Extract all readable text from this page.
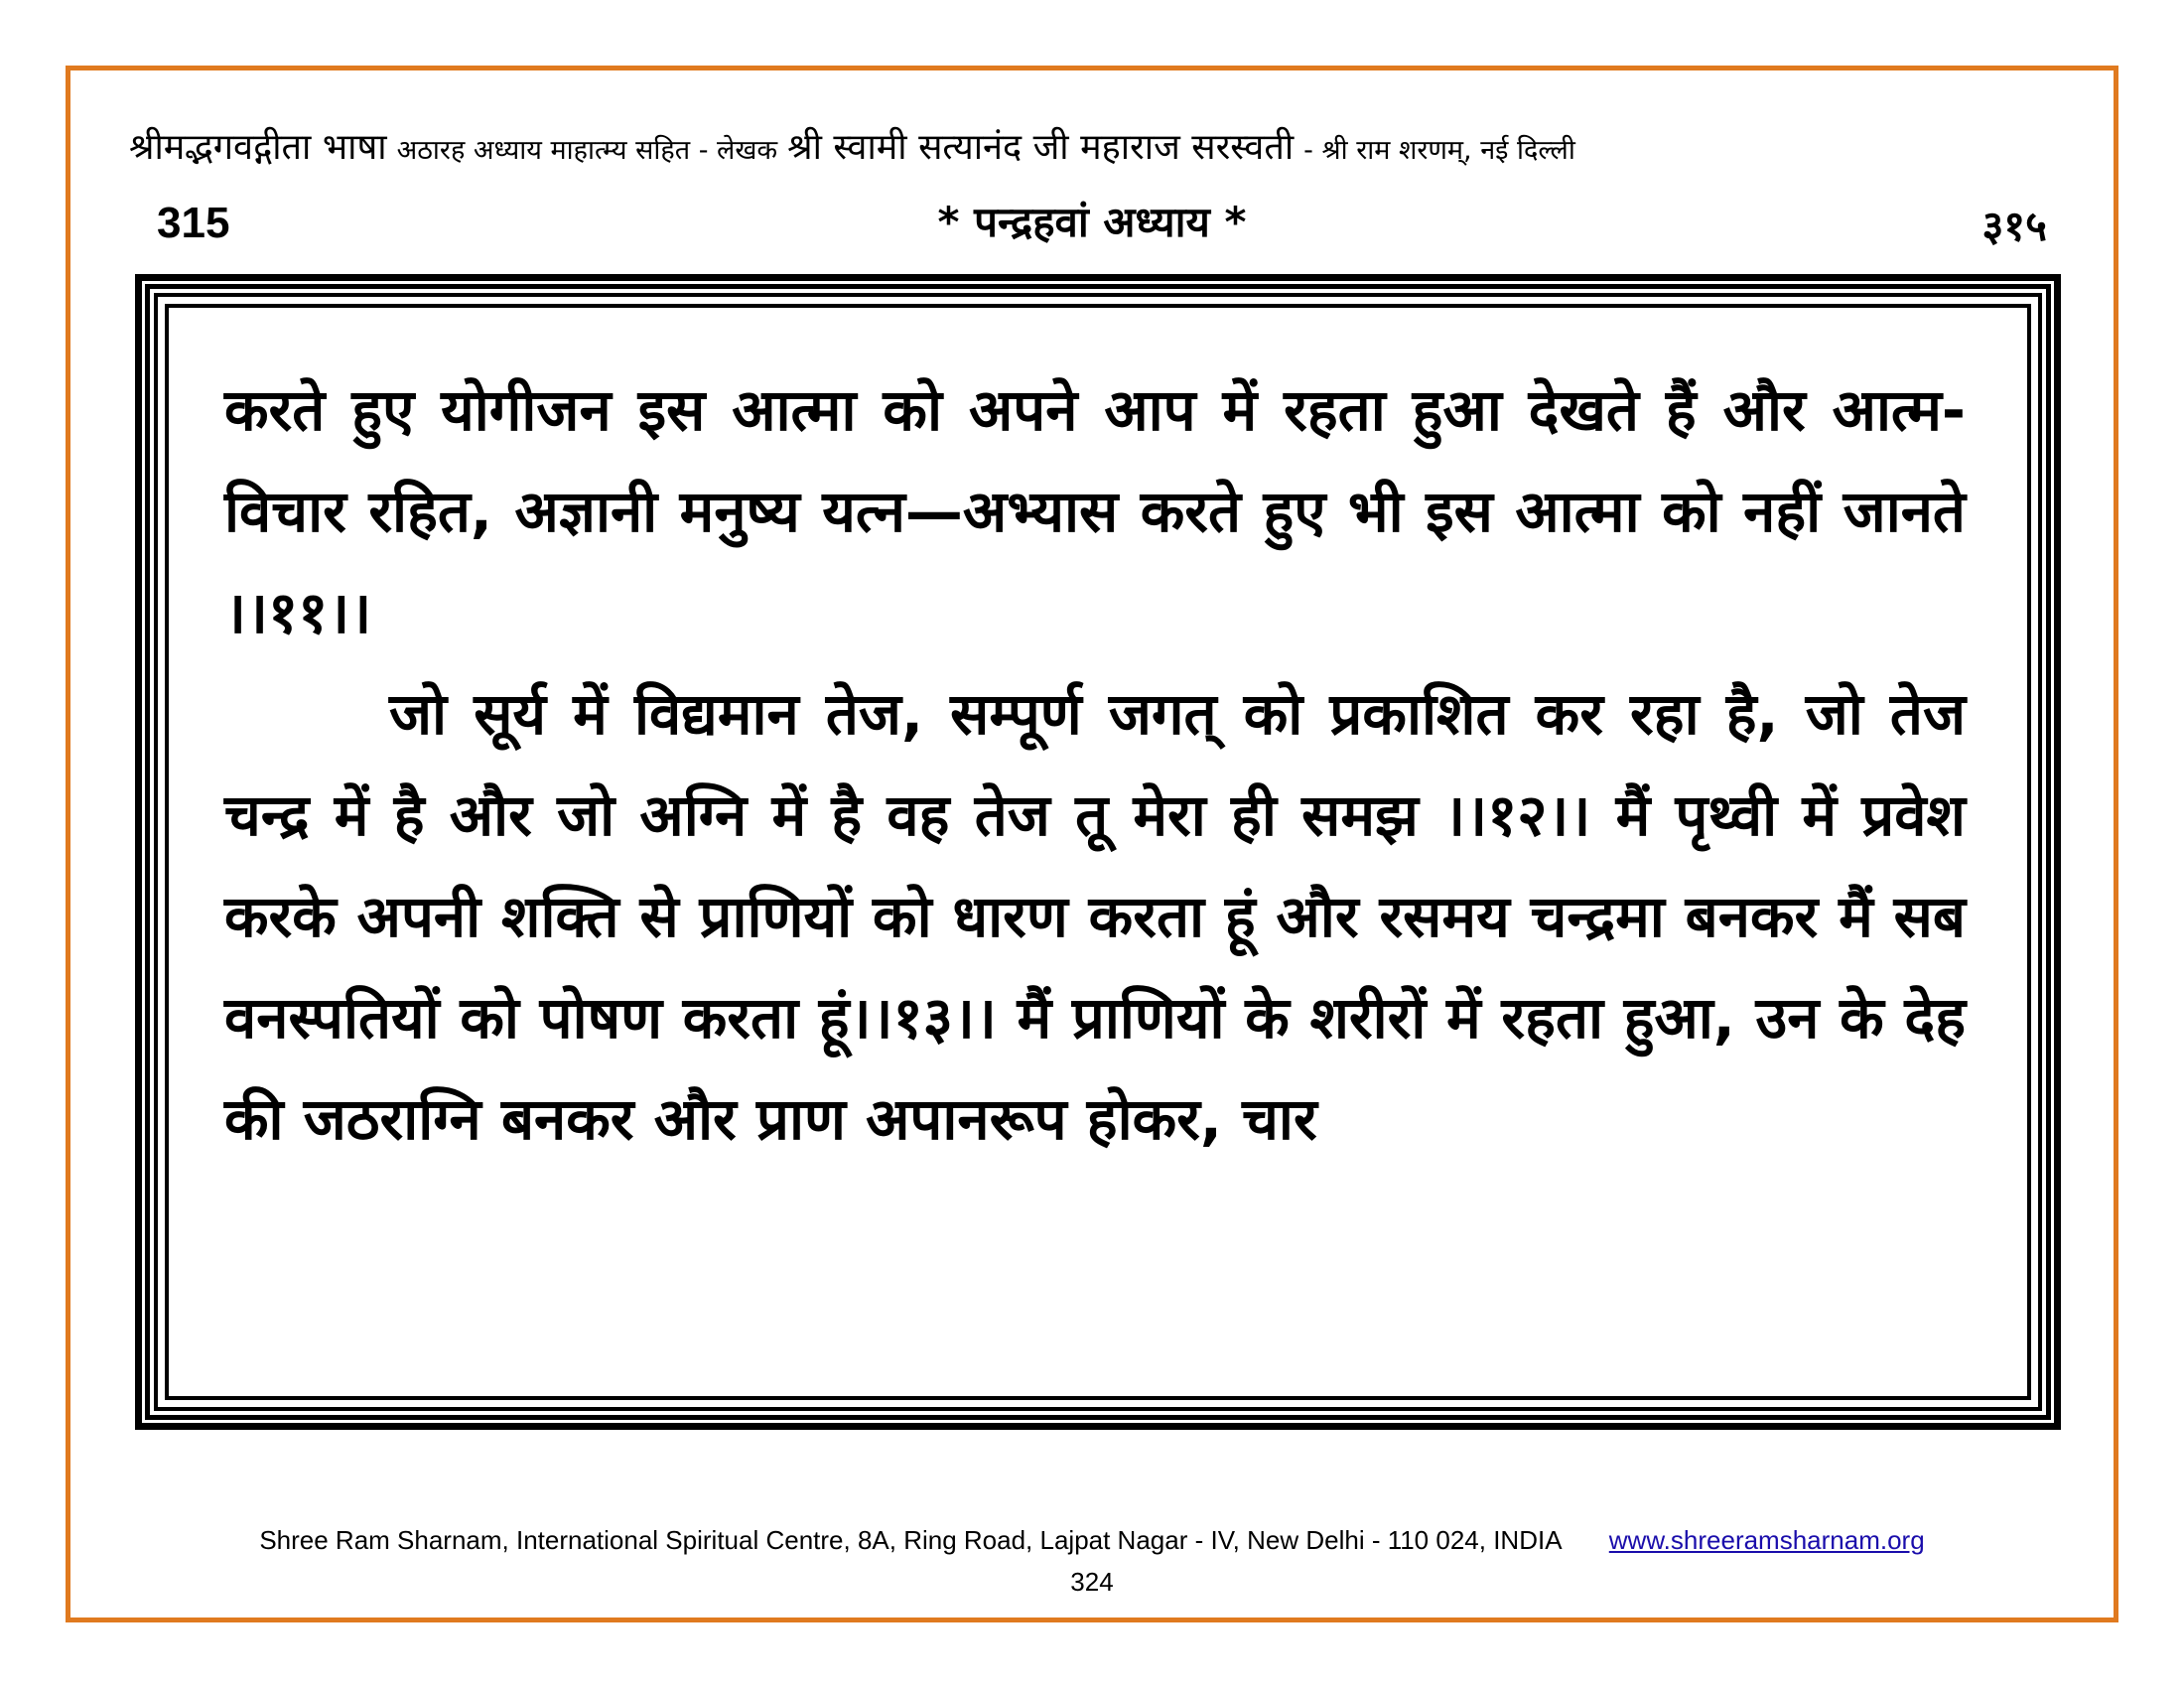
श्रीमद्भगवद्गीता भाषा अठारह अध्याय माहात्म्य सहित - लेखक श्री स्वामी सत्यानंद जी महाराज सरस्वती - श्री राम शरणम्, नई दिल्ली
315	* पन्द्रहवां अध्याय *	३१५

करते हुए योगीजन इस आत्मा को अपने आप में रहता हुआ देखते हैं और आत्म-विचार रहित, अज्ञानी मनुष्य यत्न—अभ्यास करते हुए भी इस आत्मा को नहीं जानते ।।११।।

जो सूर्य में विद्यमान तेज, सम्पूर्ण जगत् को प्रकाशित कर रहा है, जो तेज चन्द्र में है और जो अग्नि में है वह तेज तू मेरा ही समझ ।।१२।। मैं पृथ्वी में प्रवेश करके अपनी शक्ति से प्राणियों को धारण करता हूं और रसमय चन्द्रमा बनकर मैं सब वनस्पतियों को पोषण करता हूं।।१३।। मैं प्राणियों के शरीरों में रहता हुआ, उन के देह की जठराग्नि बनकर और प्राण अपानरूप होकर, चार

Shree Ram Sharnam, International Spiritual Centre, 8A, Ring Road, Lajpat Nagar - IV, New Delhi - 110 024, INDIA www.shreeramsharnam.org
324
